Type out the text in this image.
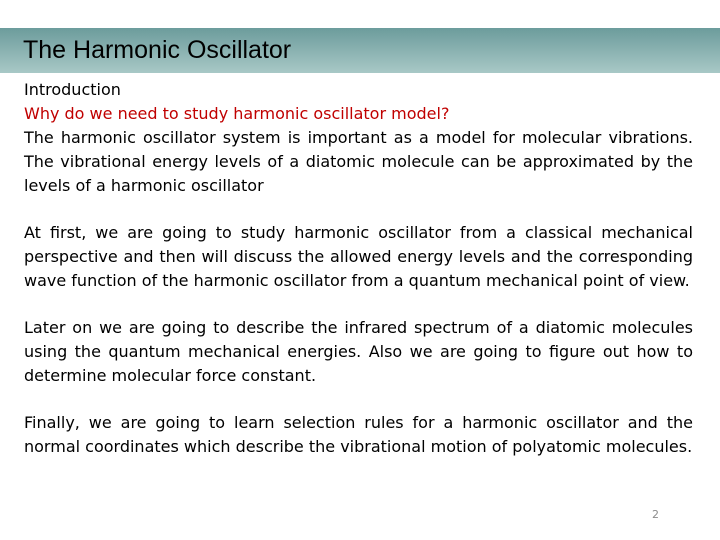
The Harmonic Oscillator

Introduction

Why do we need to study harmonic oscillator model?

The harmonic oscillator system is important as a model for molecular vibrations. The vibrational energy levels of a diatomic molecule can be approximated by the levels of a harmonic oscillator

At first, we are going to study harmonic oscillator from a classical mechanical perspective and then will discuss the allowed energy levels and the corresponding wave function of the harmonic oscillator from a quantum mechanical point of view.

Later on we are going to describe the infrared spectrum of a diatomic molecules using the quantum mechanical energies. Also we are going to figure out how to determine molecular force constant.

Finally, we are going to learn selection rules for a harmonic oscillator and the normal coordinates which describe the vibrational motion of polyatomic molecules.

2
